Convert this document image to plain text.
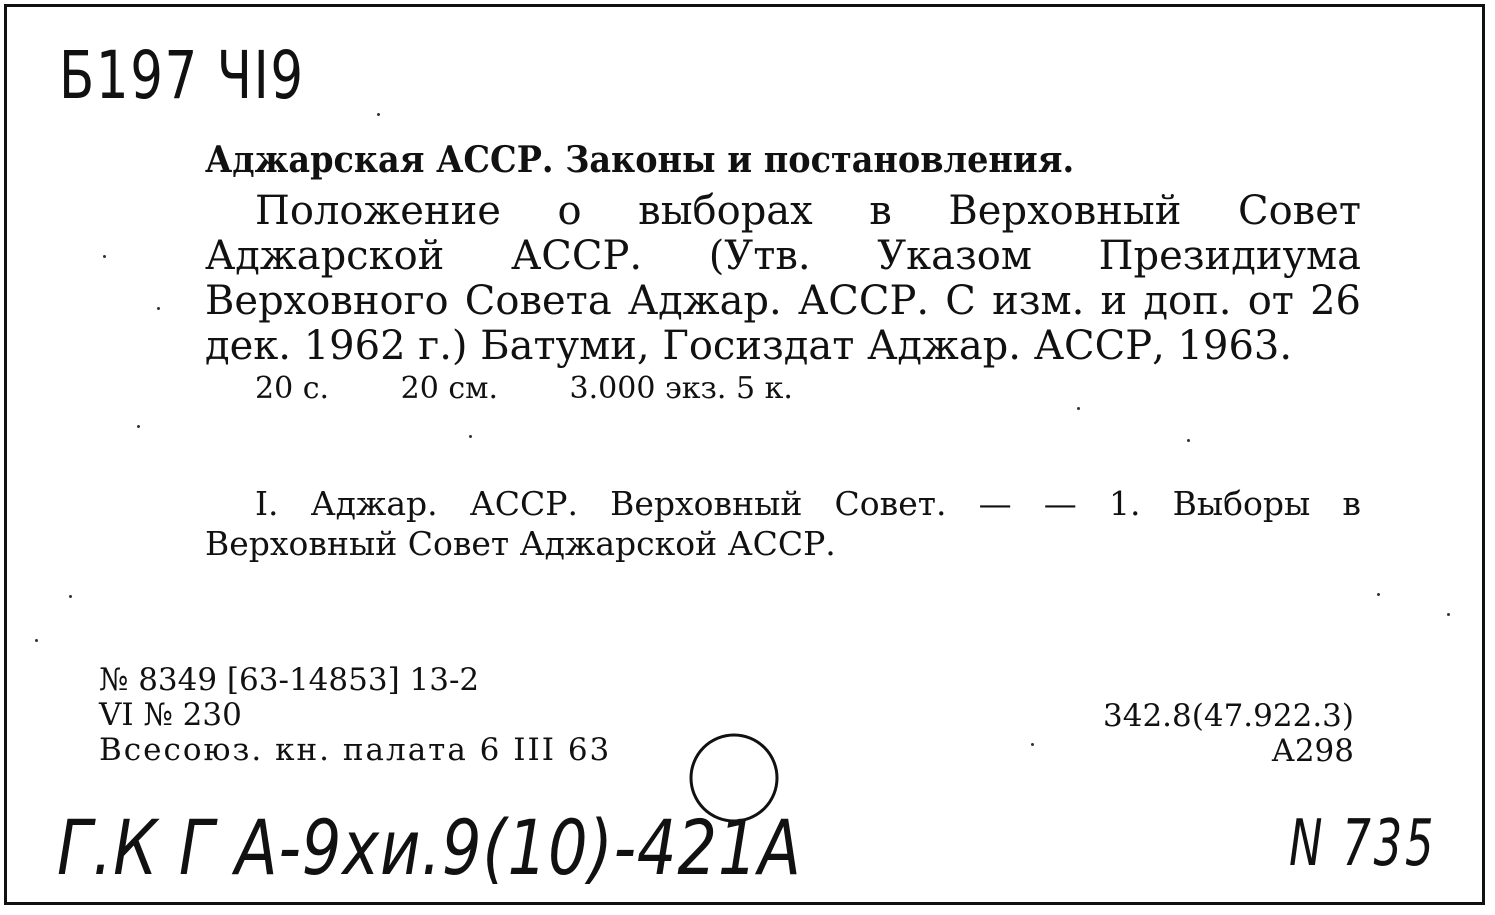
Б197 ЧІ9
Аджарская АССР. Законы и постановления.
Положение о выборах в Верховный Совет Аджарской АССР. (Утв. Указом Президиума Верховного Совета Аджар. АССР. С изм. и доп. от 26 дек. 1962 г.) Батуми, Госиздат Аджар. АССР, 1963.
20 с. 20 см. 3.000 экз. 5 к.
I. Аджар. АССР. Верховный Совет. — — 1. Выборы в Верховный Совет Аджарской АССР.
№ 8349 [63-14853] 13-2
VI № 230
Всесоюз. кн. палата 6 III 63
342.8(47.922.3)
А298
Г.К Г А-9хи.9(10)-421А	N 735
